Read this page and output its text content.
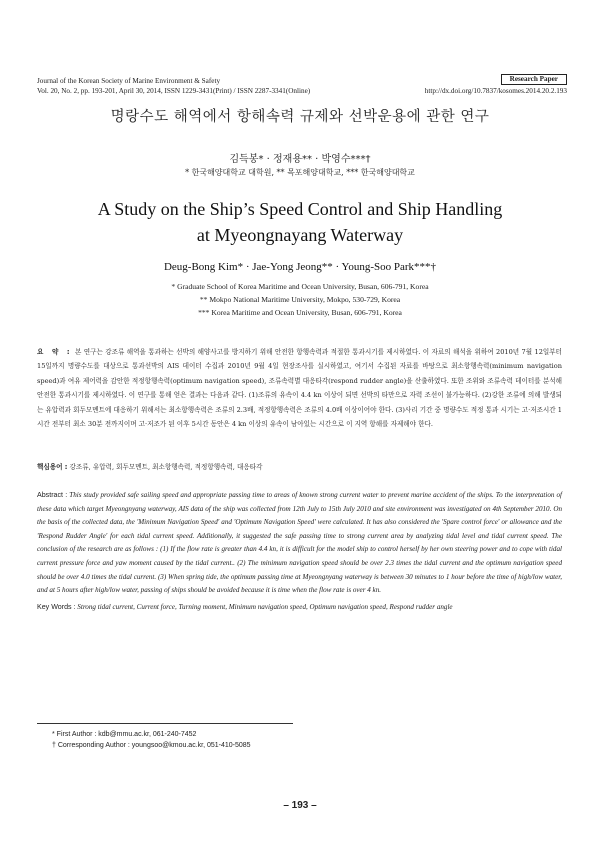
Journal of the Korean Society of Marine Environment & Safety
Vol. 20, No. 2, pp. 193-201, April 30, 2014, ISSN 1229-3431(Print) / ISSN 2287-3341(Online)	http://dx.doi.org/10.7837/kosomes.2014.20.2.193
Research Paper
명랑수도 해역에서 항해속력 규제와 선박운용에 관한 연구
김득봉* · 정재용** · 박영수***†
* 한국해양대학교 대학원, ** 목포해양대학교, *** 한국해양대학교
A Study on the Ship’s Speed Control and Ship Handling
at Myeongnayang Waterway
Deug-Bong Kim* · Jae-Yong Jeong** · Young-Soo Park***†
* Graduate School of Korea Maritime and Ocean University, Busan, 606-791, Korea
** Mokpo National Maritime University, Mokpo, 530-729, Korea
*** Korea Maritime and Ocean University, Busan, 606-791, Korea
요 약 : 본 연구는 강조류 해역을 통과하는 선박의 해양사고를 방지하기 위해 안전한 항행속력과 적절한 통과시기를 제시하였다. 이 자료의 해석을 위하여 2010년 7월 12일부터 15일까지 명량수도를 대상으로 통과선박의 AIS 데이터 수집과 2010년 9월 4일 현장조사를 실시하였고, 여기서 수집된 자료를 바탕으로 최소항행속력(minimum navigation speed)과 여유 제어력을 감안한 적정항행속력(optimum navigation speed), 조류속력별 대응타각(respond rudder angle)을 산출하였다. 또한 조위와 조류속력 데이터를 분석해 안전한 통과시기를 제시하였다. 이 연구를 통해 얻은 결과는 다음과 같다. (1)조류의 유속이 4.4 kn 이상이 되면 선박의 타만으로 자력 조선이 불가능하다. (2)강한 조류에 의해 발생되는 유압력과 회두모멘트에 대응하기 위해서는 최소항행속력은 조류의 2.3배, 적정항행속력은 조류의 4.0배 이상이어야 한다. (3)사리 기간 중 명량수도 적정 통과 시기는 고·저조시간 1시간 전부터 최소 30분 전까지이며 고·저조가 된 이후 5시간 동안은 4 kn 이상의 유속이 남아있는 시간으로 이 지역 항해를 자제해야 한다.
핵심용어 : 강조류, 유압력, 회두모멘트, 최소항행속력, 적정항행속력, 대응타각
Abstract : This study provided safe sailing speed and appropriate passing time to areas of known strong current water to prevent marine accident of the ships. To the interpretation of these data which target Myeongnyang waterway, AIS data of the ship was collected from 12th July to 15th July 2010 and site environment was investigated on 4th September 2010. On the basis of the collected data, the 'Minimum Navigation Speed' and 'Optimum Navigation Speed' were calculated. It has also considered the 'Spare control force' or allowance and the 'Respond Rudder Angle' for each tidal current speed. Additionally, it suggested the safe passing time to strong current area by analyzing tidal level and tidal current speed. The conclusion of the research are as follows : (1) If the flow rate is greater than 4.4 kn, it is difficult for the model ship to control herself by her own steering power and to cope with tidal current pressure force and yaw moment caused by the tidal current.. (2) The minimum navigation speed should be over 2.3 times the tidal current and the optimum navigation speed should be over 4.0 times the tidal current. (3) When spring tide, the optimum passing time at Myeongnyang waterway is between 30 minutes to 1 hour before the time of high/low water, and at 5 hours after high/low water, passing of ships should be avoided because it is time when the flow rate is over 4 kn.
Key Words : Strong tidal current, Current force, Turning moment, Minimum navigation speed, Optimum navigation speed, Respond rudder angle
* First Author : kdb@mmu.ac.kr, 061-240-7452
† Corresponding Author : youngsoo@kmou.ac.kr, 051-410-5085
– 193 –
